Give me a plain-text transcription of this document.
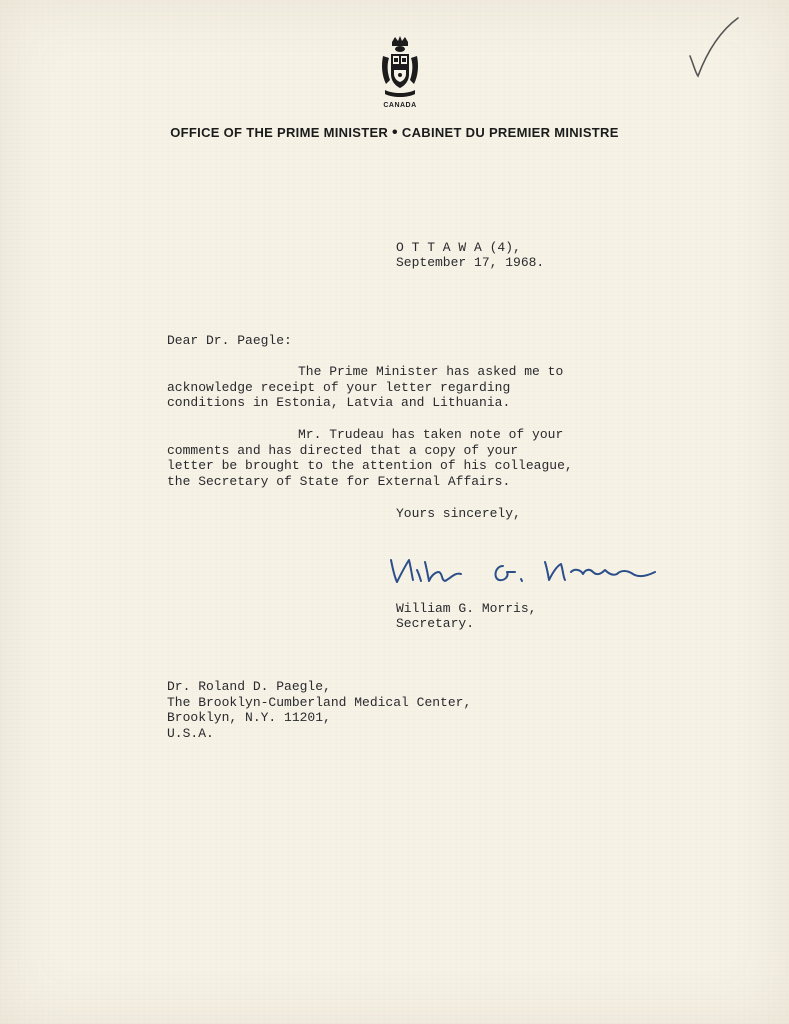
CANADA
OFFICE OF THE PRIME MINISTER • CABINET DU PREMIER MINISTRE
O T T A W A (4),
September 17, 1968.
Dear Dr. Paegle:
The Prime Minister has asked me to
acknowledge receipt of your letter regarding
conditions in Estonia, Latvia and Lithuania.
Mr. Trudeau has taken note of your
comments and has directed that a copy of your
letter be brought to the attention of his colleague,
the Secretary of State for External Affairs.
Yours sincerely,
William G. Morris,
Secretary.
Dr. Roland D. Paegle,
The Brooklyn-Cumberland Medical Center,
Brooklyn, N.Y. 11201,
U.S.A.
